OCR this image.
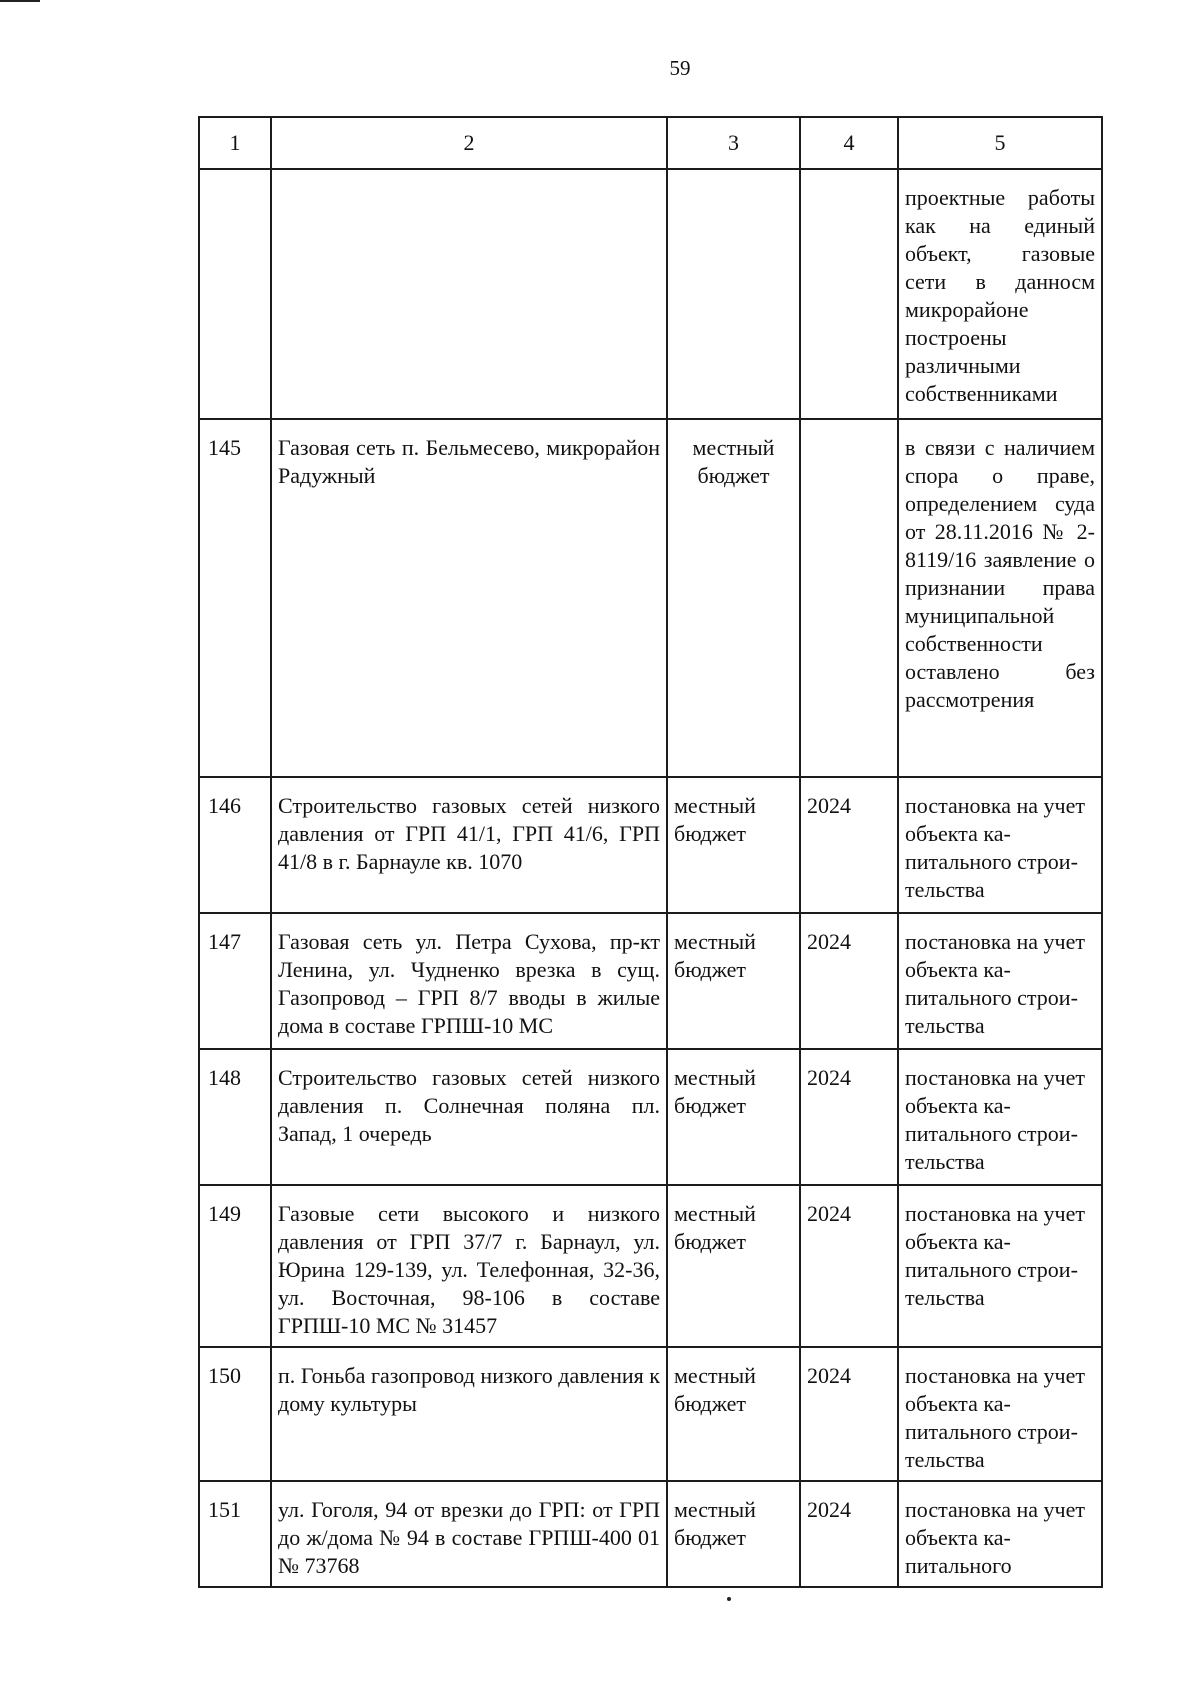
59
1	2	3	4	5
				проектные работы как на единый объект, газовые сети в данносм микрорайоне построены различными собственниками
145	Газовая сеть п. Бельмесево, микрорайон Радужный	местный бюджет		в связи с наличием спора о праве, определением суда от 28.11.2016 № 2-8119/16 заявление о признании права муниципальной собственности оставлено без рассмотрения
146	Строительство газовых сетей низкого давления от ГРП 41/1, ГРП 41/6, ГРП 41/8 в г. Барнауле кв. 1070	местный бюджет	2024	постановка на учет объекта ка-питального строи-тельства
147	Газовая сеть ул. Петра Сухова, пр-кт Ленина, ул. Чудненко врезка в сущ. Газопровод – ГРП 8/7 вводы в жилые дома в составе ГРПШ-10 МС	местный бюджет	2024	постановка на учет объекта ка-питального строи-тельства
148	Строительство газовых сетей низкого давления п. Солнечная поляна пл. Запад, 1 очередь	местный бюджет	2024	постановка на учет объекта ка-питального строи-тельства
149	Газовые сети высокого и низкого давления от ГРП 37/7 г. Барнаул, ул. Юрина 129-139, ул. Телефонная, 32-36, ул. Восточная, 98-106 в составе ГРПШ-10 МС № 31457	местный бюджет	2024	постановка на учет объекта ка-питального строи-тельства
150	п. Гоньба газопровод низкого давления к дому культуры	местный бюджет	2024	постановка на учет объекта ка-питального строи-тельства
151	ул. Гоголя, 94 от врезки до ГРП: от ГРП до ж/дома № 94 в составе ГРПШ-400 01 № 73768	местный бюджет	2024	постановка на учет объекта ка-питального
